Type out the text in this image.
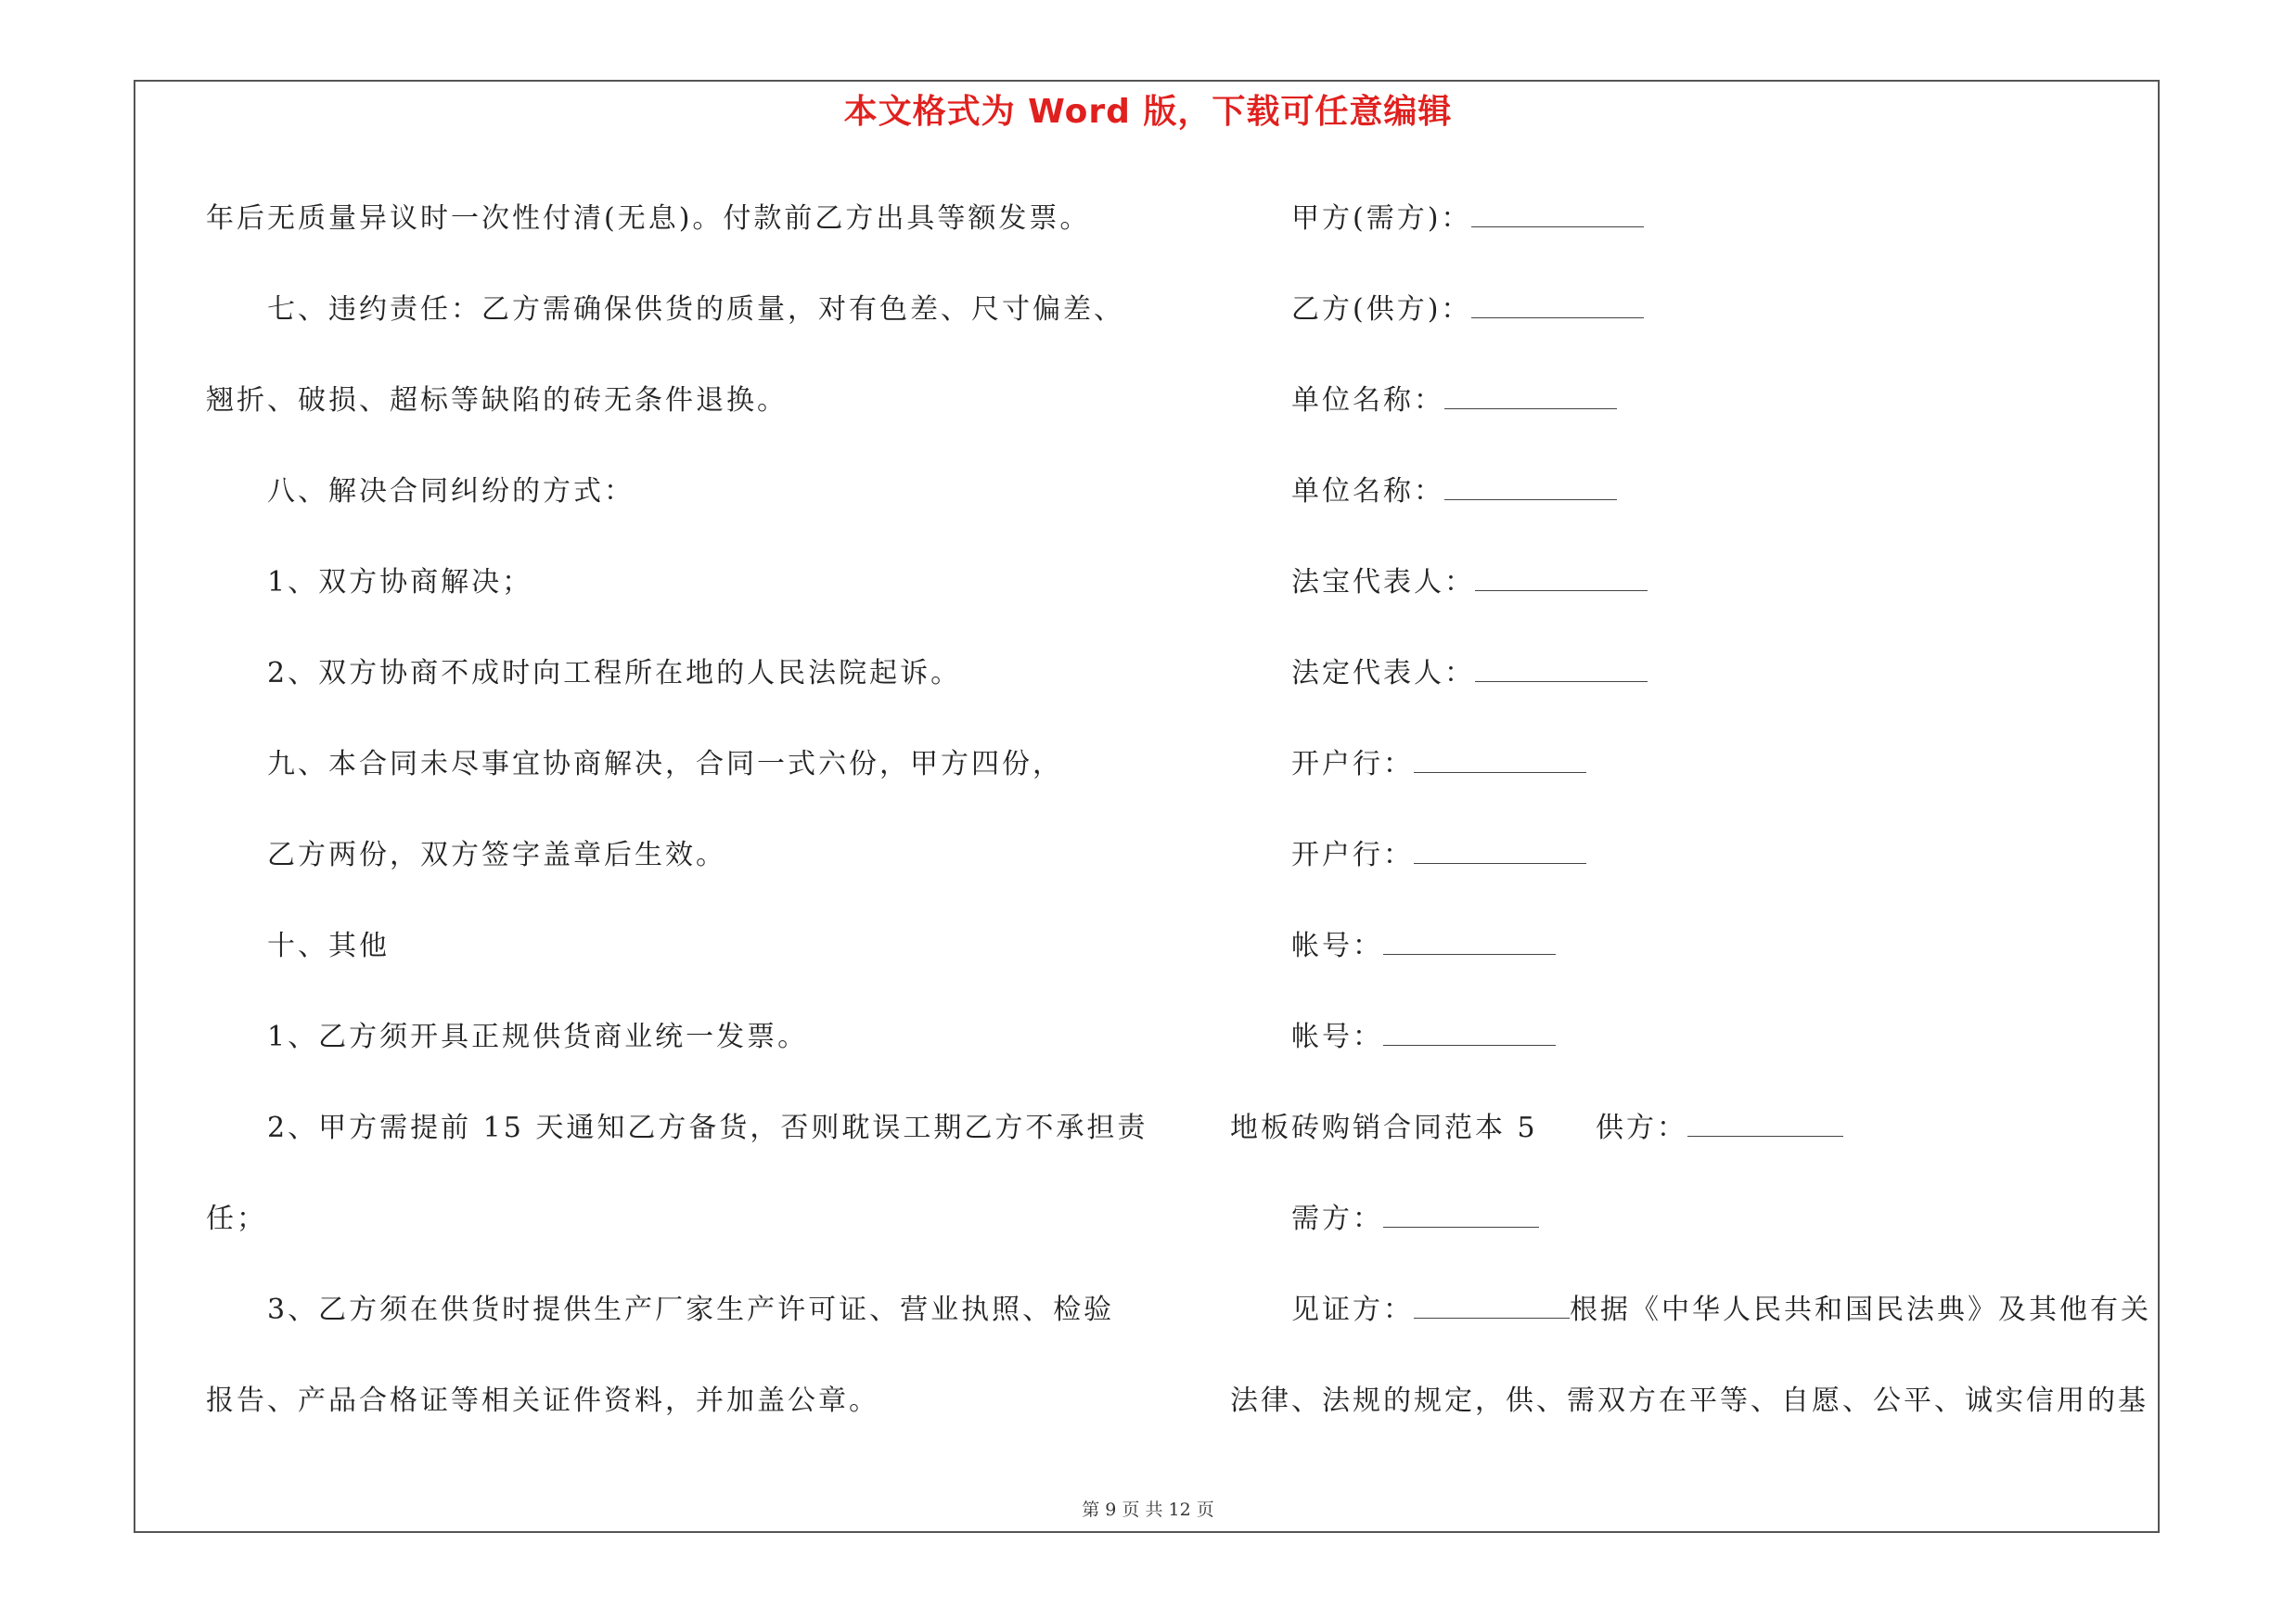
本文格式为 Word 版，下载可任意编辑
年后无质量异议时一次性付清(无息)。付款前乙方出具等额发票。
七、违约责任：乙方需确保供货的质量，对有色差、尺寸偏差、
翘折、破损、超标等缺陷的砖无条件退换。
八、解决合同纠纷的方式：
1、双方协商解决；
2、双方协商不成时向工程所在地的人民法院起诉。
九、本合同未尽事宜协商解决，合同一式六份，甲方四份，
乙方两份，双方签字盖章后生效。
十、其他
1、乙方须开具正规供货商业统一发票。
2、甲方需提前 15 天通知乙方备货，否则耽误工期乙方不承担责
任；
3、乙方须在供货时提供生产厂家生产许可证、营业执照、检验
报告、产品合格证等相关证件资料，并加盖公章。
甲方(需方)：
乙方(供方)：
单位名称：
单位名称：
法宝代表人：
法定代表人：
开户行：
开户行：
帐号：
帐号：
地板砖购销合同范本 5 供方：
需方：
见证方：	根据《中华人民共和国民法典》及其他有关
法律、法规的规定，供、需双方在平等、自愿、公平、诚实信用的基
第 9 页 共 12 页
